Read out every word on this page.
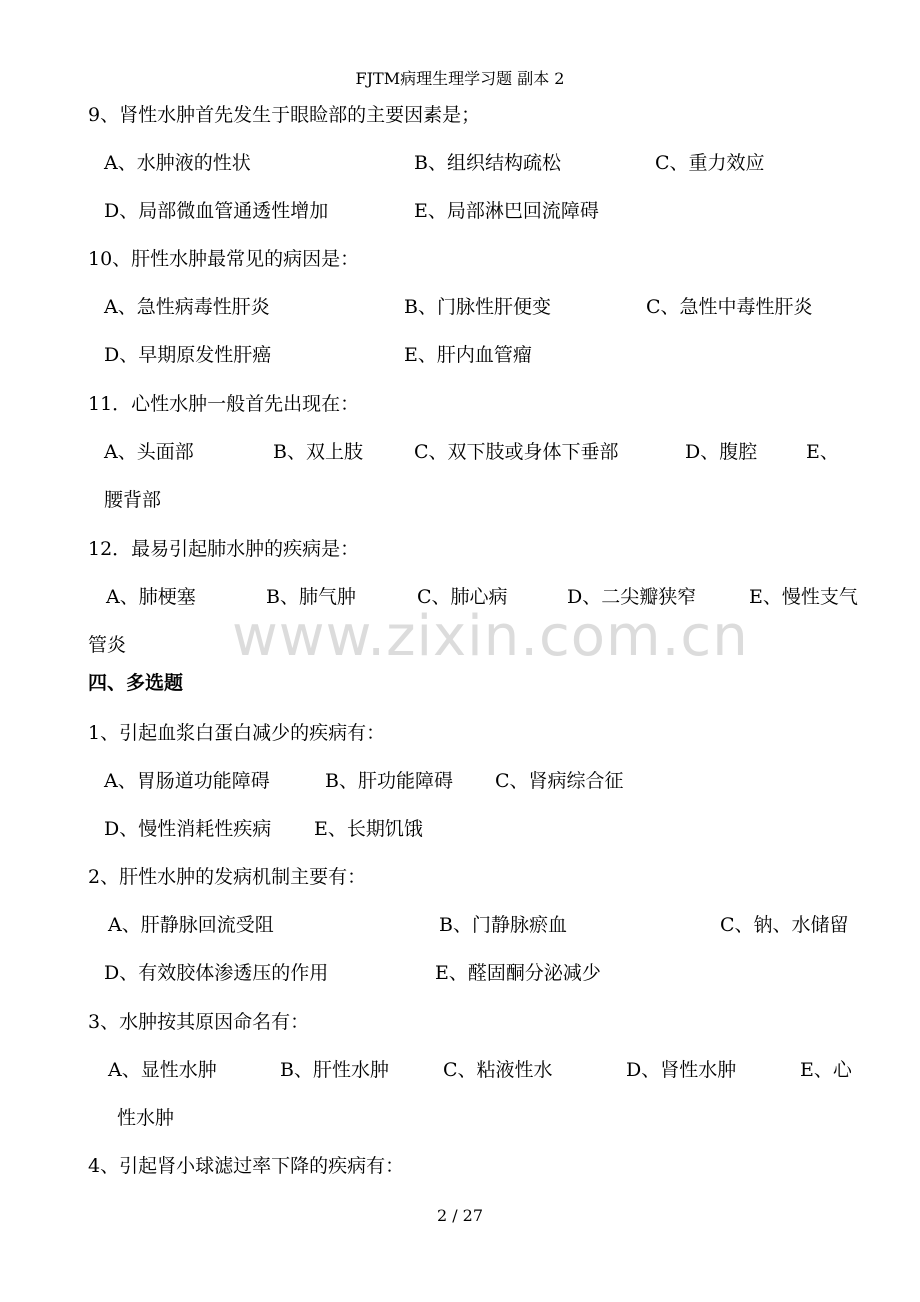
FJTM病理生理学习题 副本 2
www.zixin.com.cn
9、肾性水肿首先发生于眼睑部的主要因素是；
A、水肿液的性状	B、组织结构疏松	C、重力效应
D、局部微血管通透性增加	E、局部淋巴回流障碍
10、肝性水肿最常见的病因是：
A、急性病毒性肝炎	B、门脉性肝便变	C、急性中毒性肝炎
D、早期原发性肝癌	E、肝内血管瘤
11．心性水肿一般首先出现在：
A、头面部	B、双上肢	C、双下肢或身体下垂部	D、腹腔	E、
腰背部
12．最易引起肺水肿的疾病是：
A、肺梗塞	B、肺气肿	C、肺心病	D、二尖瓣狭窄	E、慢性支气
管炎
四、多选题
1、引起血浆白蛋白减少的疾病有：
A、胃肠道功能障碍	B、肝功能障碍 C、肾病综合征
D、慢性消耗性疾病 E、长期饥饿
2、肝性水肿的发病机制主要有：
A、肝静脉回流受阻	B、门静脉瘀血	C、钠、水储留
D、有效胶体渗透压的作用	E、醛固酮分泌减少
3、水肿按其原因命名有：
A、显性水肿	B、肝性水肿	C、粘液性水	D、肾性水肿	E、心
性水肿
4、引起肾小球滤过率下降的疾病有：
2 / 27
